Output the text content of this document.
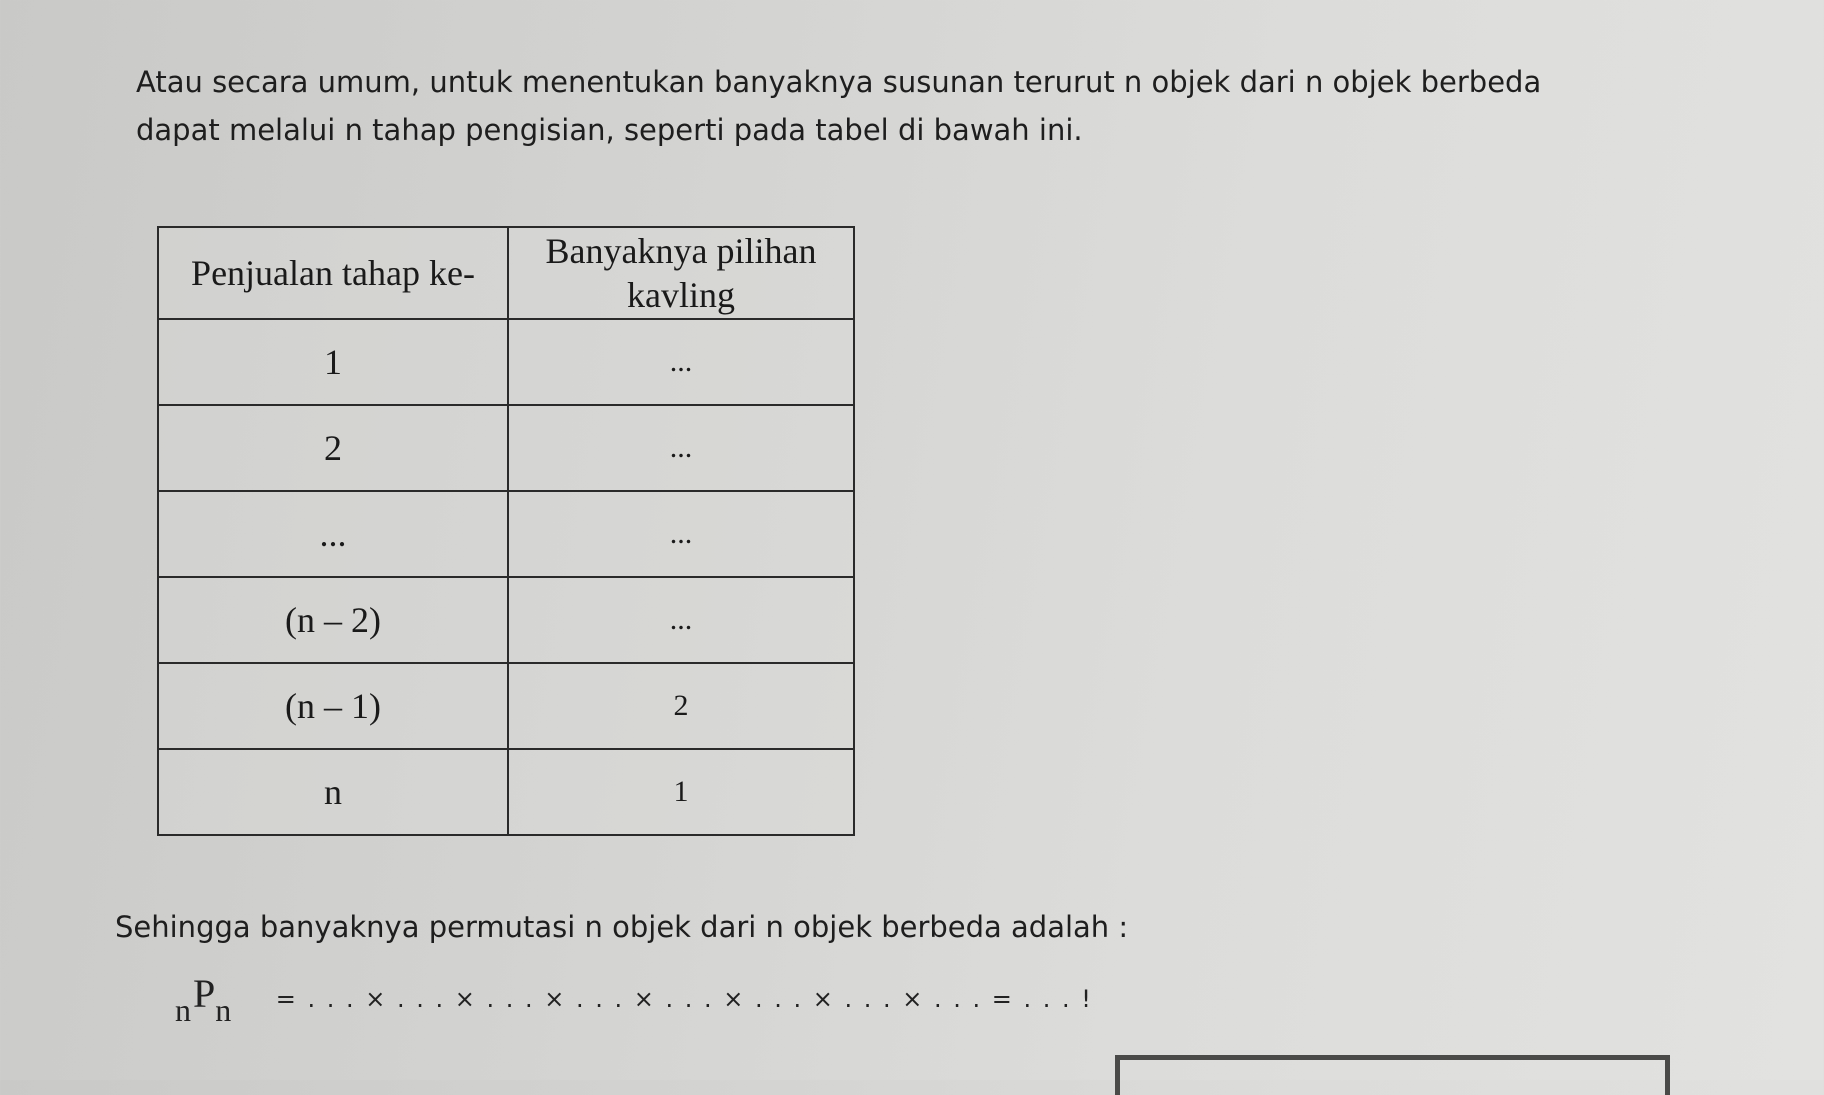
Atau secara umum, untuk menentukan banyaknya susunan terurut n objek dari n objek berbeda
dapat melalui n tahap pengisian, seperti pada tabel di bawah ini.

Penjualan tahap ke-	Banyaknya pilihan kavling
1	...
2	...
...	...
(n – 2)	...
(n – 1)	2
n	1

Sehingga banyaknya permutasi n objek dari n objek berbeda adalah :

nPn = . . . × . . . × . . . × . . . × . . . × . . . × . . . × . . . = . . . !
